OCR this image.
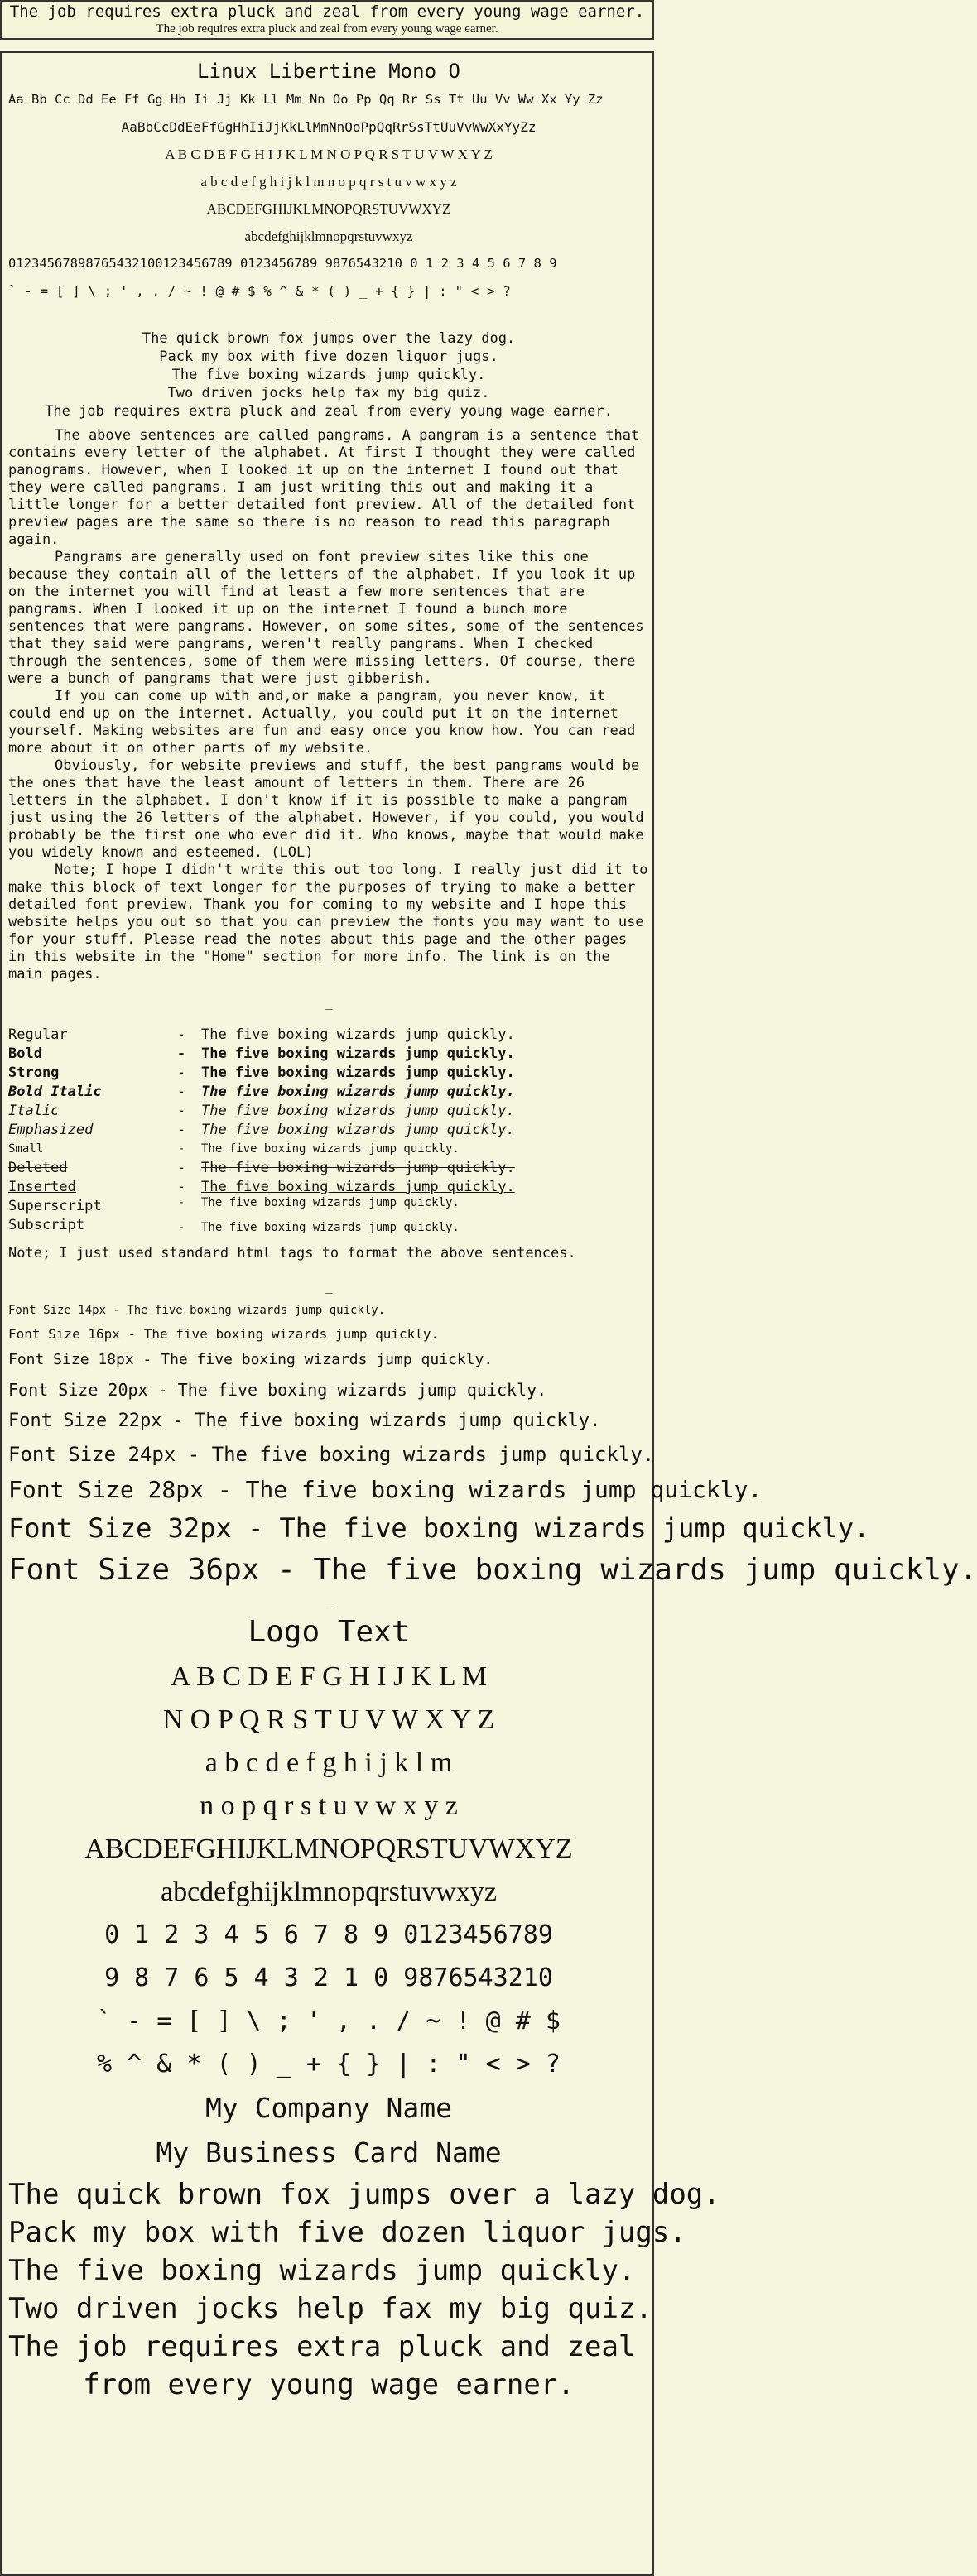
The job requires extra pluck and zeal from every young wage earner.
The job requires extra pluck and zeal from every young wage earner.
Linux Libertine Mono O
Aa Bb Cc Dd Ee Ff Gg Hh Ii Jj Kk Ll Mm Nn Oo Pp Qq Rr Ss Tt Uu Vv Ww Xx Yy Zz
AaBbCcDdEeFfGgHhIiJjKkLlMmNnOoPpQqRrSsTtUuVvWwXxYyZz
A B C D E F G H I J K L M N O P Q R S T U V W X Y Z
a b c d e f g h i j k l m n o p q r s t u v w x y z
ABCDEFGHIJKLMNOPQRSTUVWXYZ
abcdefghijklmnopqrstuvwxyz
01234567898765432100123456789 0123456789 9876543210 0 1 2 3 4 5 6 7 8 9
` - = [ ] \ ; ' , . / ~ ! @ # $ % ^ & * ( ) _ + { } | : " < > ?
_
The quick brown fox jumps over the lazy dog.
Pack my box with five dozen liquor jugs.
The five boxing wizards jump quickly.
Two driven jocks help fax my big quiz.
The job requires extra pluck and zeal from every young wage earner.

The above sentences are called pangrams. A pangram is a sentence that contains every letter of the alphabet. At first I thought they were called panograms. However, when I looked it up on the internet I found out that they were called pangrams. I am just writing this out and making it a little longer for a better detailed font preview. All of the detailed font preview pages are the same so there is no reason to read this paragraph again.

Pangrams are generally used on font preview sites like this one because they contain all of the letters of the alphabet. If you look it up on the internet you will find at least a few more sentences that are pangrams. When I looked it up on the internet I found a bunch more sentences that were pangrams. However, on some sites, some of the sentences that they said were pangrams, weren't really pangrams. When I checked through the sentences, some of them were missing letters. Of course, there were a bunch of pangrams that were just gibberish.

If you can come up with and,or make a pangram, you never know, it could end up on the internet. Actually, you could put it on the internet yourself. Making websites are fun and easy once you know how. You can read more about it on other parts of my website.

Obviously, for website previews and stuff, the best pangrams would be the ones that have the least amount of letters in them. There are 26 letters in the alphabet. I don't know if it is possible to make a pangram just using the 26 letters of the alphabet. However, if you could, you would probably be the first one who ever did it. Who knows, maybe that would make you widely known and esteemed. (LOL)

Note; I hope I didn't write this out too long. I really just did it to make this block of text longer for the purposes of trying to make a better detailed font preview. Thank you for coming to my website and I hope this website helps you out so that you can preview the fonts you may want to use for your stuff. Please read the notes about this page and the other pages in this website in the "Home" section for more info. The link is on the main pages.

_
Regular	-	The five boxing wizards jump quickly.
Bold	-	The five boxing wizards jump quickly.
Strong	-	The five boxing wizards jump quickly.
Bold Italic	-	The five boxing wizards jump quickly.
Italic	-	The five boxing wizards jump quickly.
Emphasized	-	The five boxing wizards jump quickly.
Small	-	The five boxing wizards jump quickly.
Deleted	-	The five boxing wizards jump quickly.
Inserted	-	The five boxing wizards jump quickly.
Superscript	-	The five boxing wizards jump quickly.
Subscript	-	The five boxing wizards jump quickly.

Note; I just used standard html tags to format the above sentences.

_
Font Size 14px - The five boxing wizards jump quickly.
Font Size 16px - The five boxing wizards jump quickly.
Font Size 18px - The five boxing wizards jump quickly.
Font Size 20px - The five boxing wizards jump quickly.
Font Size 22px - The five boxing wizards jump quickly.
Font Size 24px - The five boxing wizards jump quickly.
Font Size 28px - The five boxing wizards jump quickly.
Font Size 32px - The five boxing wizards jump quickly.
Font Size 36px - The five boxing wizards jump quickly.
_
Logo Text
A B C D E F G H I J K L M
N O P Q R S T U V W X Y Z
a b c d e f g h i j k l m
n o p q r s t u v w x y z
ABCDEFGHIJKLMNOPQRSTUVWXYZ
abcdefghijklmnopqrstuvwxyz
0 1 2 3 4 5 6 7 8 9 0123456789
9 8 7 6 5 4 3 2 1 0 9876543210
` - = [ ] \ ; ' , . / ~ ! @ # $
% ^ & * ( ) _ + { } | : " < > ?
My Company Name
My Business Card Name
The quick brown fox jumps over a lazy dog.
Pack my box with five dozen liquor jugs.
The five boxing wizards jump quickly.
Two driven jocks help fax my big quiz.
The job requires extra pluck and zeal
from every young wage earner.
